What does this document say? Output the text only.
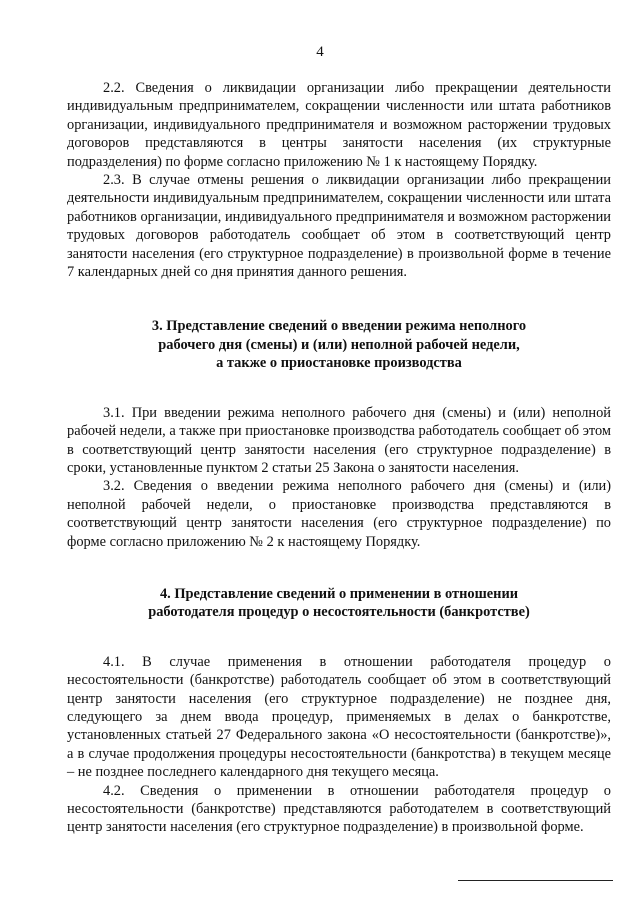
4

2.2. Сведения о ликвидации организации либо прекращении деятельности индивидуальным предпринимателем, сокращении численности или штата работников организации, индивидуального предпринимателя и возможном расторжении трудовых договоров представляются в центры занятости населения (их структурные подразделения) по форме согласно приложению № 1 к настоящему Порядку.

2.3. В случае отмены решения о ликвидации организации либо прекращении деятельности индивидуальным предпринимателем, сокращении численности или штата работников организации, индивидуального предпринимателя и возможном расторжении трудовых договоров работодатель сообщает об этом в соответствующий центр занятости населения (его структурное подразделение) в произвольной форме в течение 7 календарных дней со дня принятия данного решения.

3. Представление сведений о введении режима неполного
рабочего дня (смены) и (или) неполной рабочей недели,
а также о приостановке производства

3.1. При введении режима неполного рабочего дня (смены) и (или) неполной рабочей недели, а также при приостановке производства работодатель сообщает об этом в соответствующий центр занятости населения (его структурное подразделение) в сроки, установленные пунктом 2 статьи 25 Закона о занятости населения.

3.2. Сведения о введении режима неполного рабочего дня (смены) и (или) неполной рабочей недели, о приостановке производства представляются в соответствующий центр занятости населения (его структурное подразделение) по форме согласно приложению № 2 к настоящему Порядку.

4. Представление сведений о применении в отношении
работодателя процедур о несостоятельности (банкротстве)

4.1. В случае применения в отношении работодателя процедур о несостоятельности (банкротстве) работодатель сообщает об этом в соответствующий центр занятости населения (его структурное подразделение) не позднее дня, следующего за днем ввода процедур, применяемых в делах о банкротстве, установленных статьей 27 Федерального закона «О несостоятельности (банкротстве)», а в случае продолжения процедуры несостоятельности (банкротства) в текущем месяце – не позднее последнего календарного дня текущего месяца.

4.2. Сведения о применении в отношении работодателя процедур о несостоятельности (банкротстве) представляются работодателем в соответствующий центр занятости населения (его структурное подразделение) в произвольной форме.
